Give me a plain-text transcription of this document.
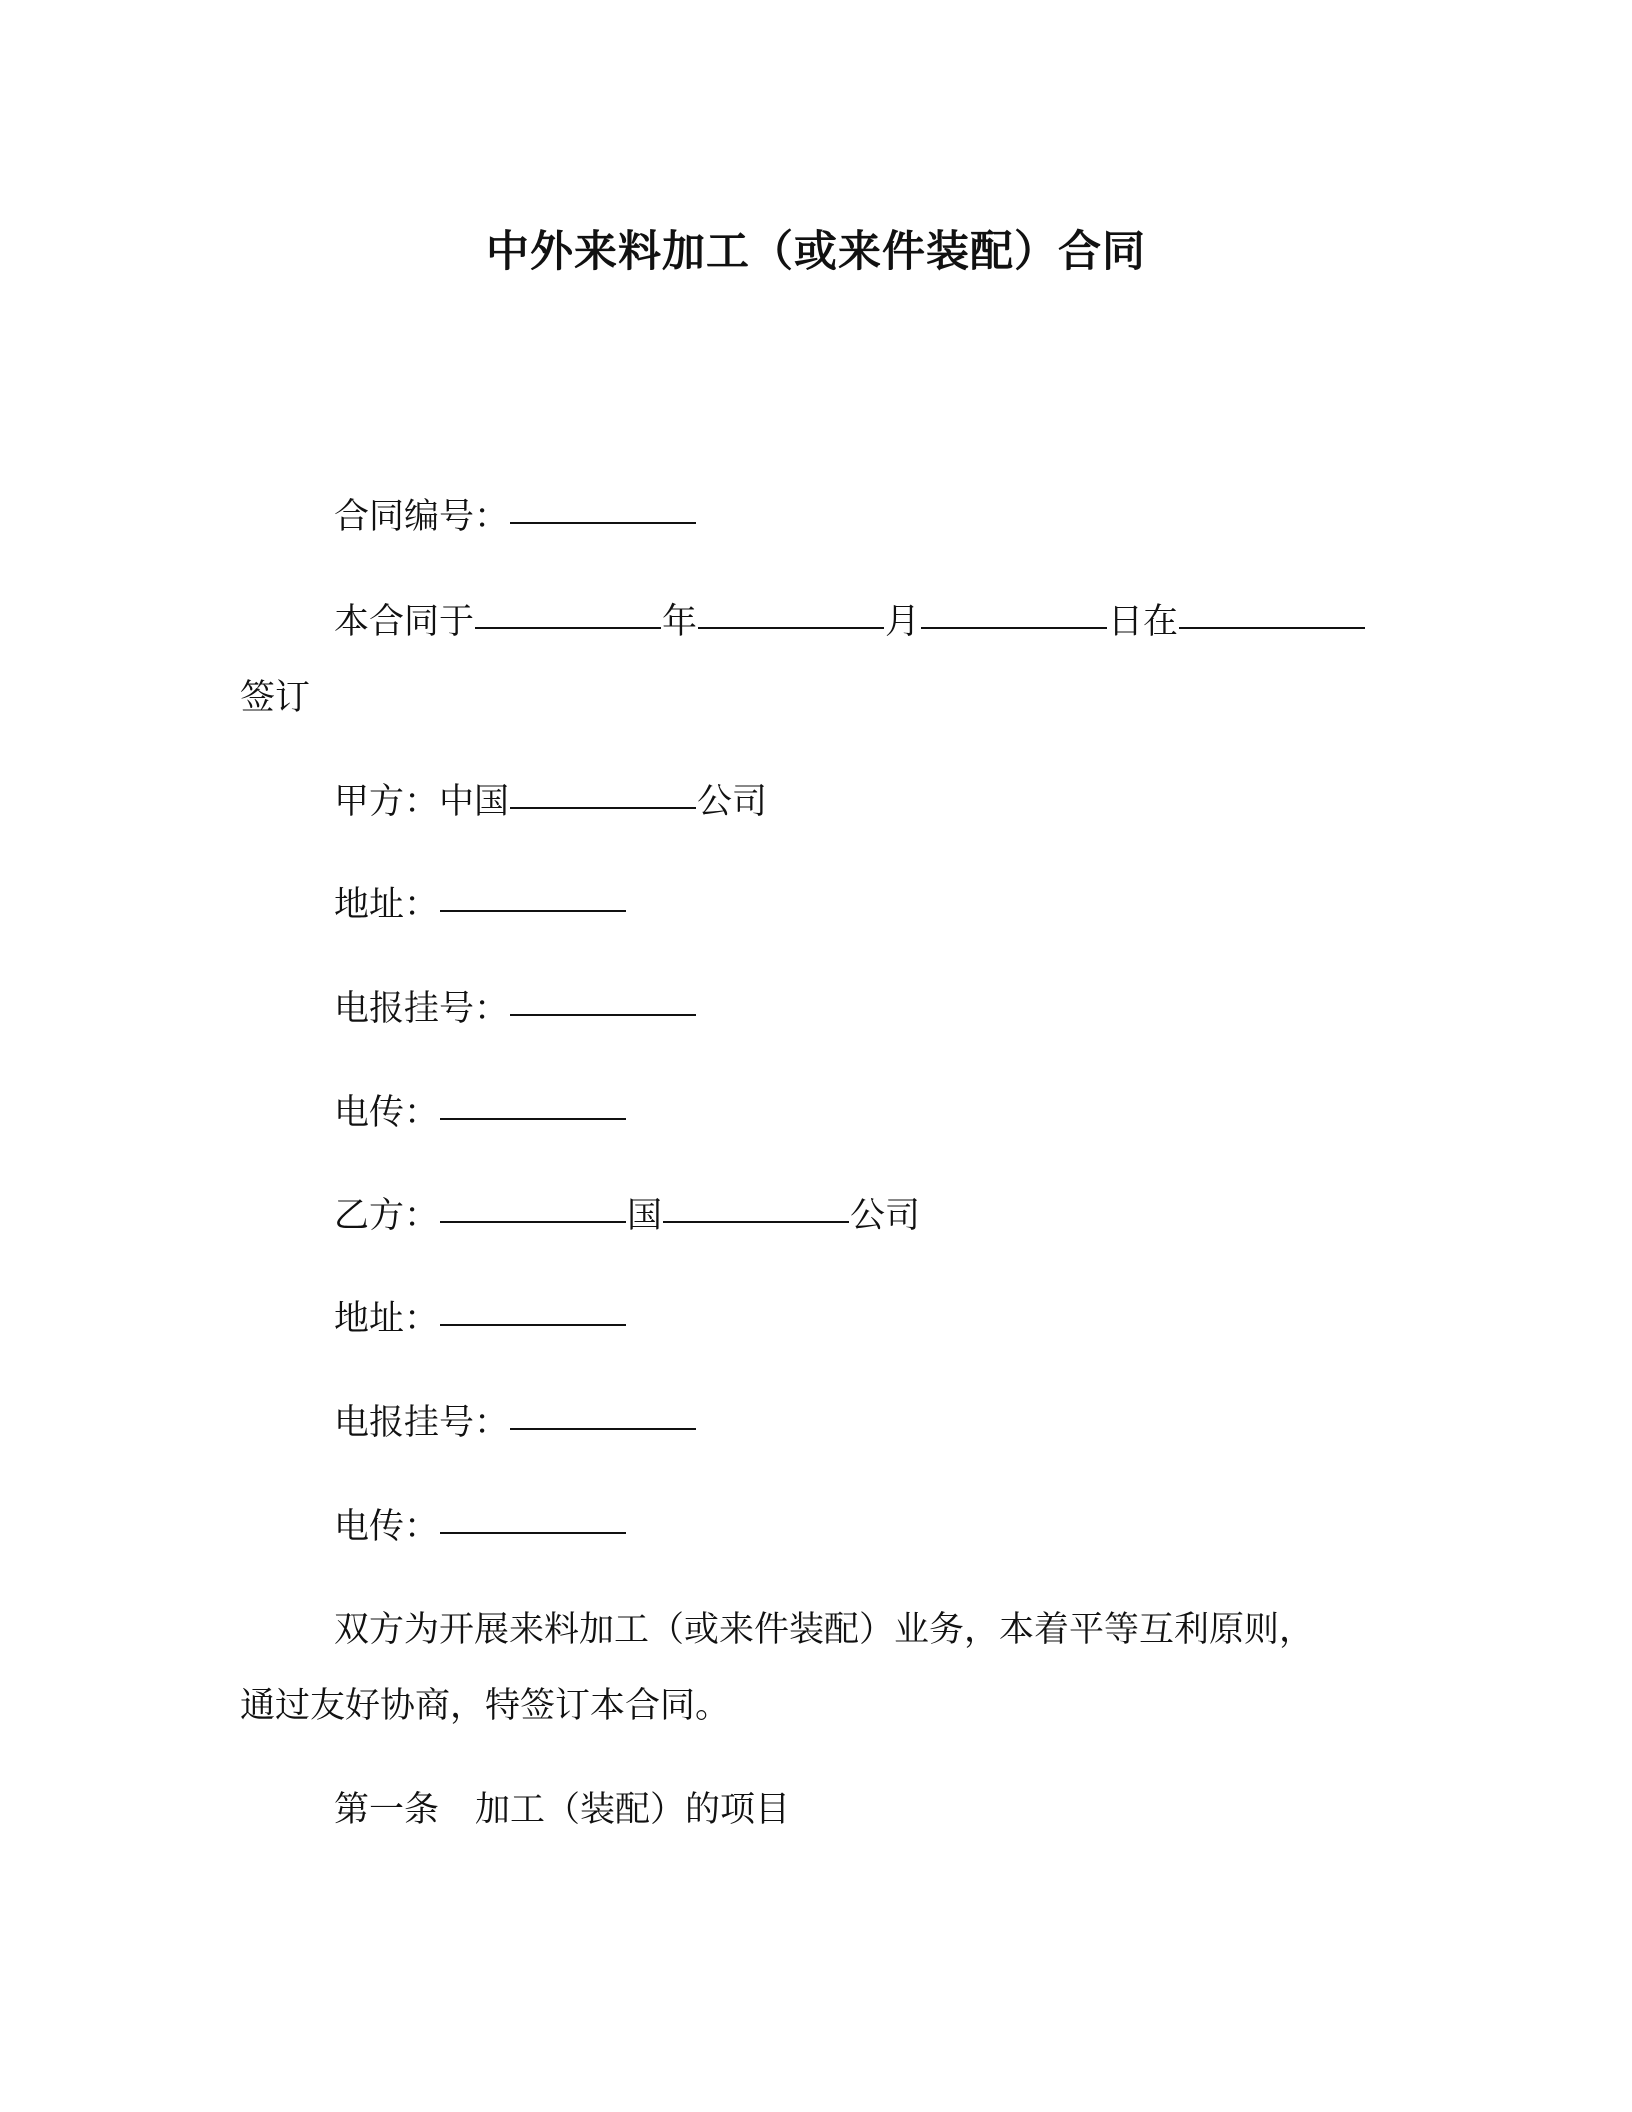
中外来料加工（或来件装配）合同
合同编号：
本合同于	年	月	日在
签订
甲方：中国	公司
地址：
电报挂号：
电传：
乙方：	国	公司
地址：
电报挂号：
电传：
双方为开展来料加工（或来件装配）业务，本着平等互利原则，
通过友好协商，特签订本合同。
第一条 加工（装配）的项目
